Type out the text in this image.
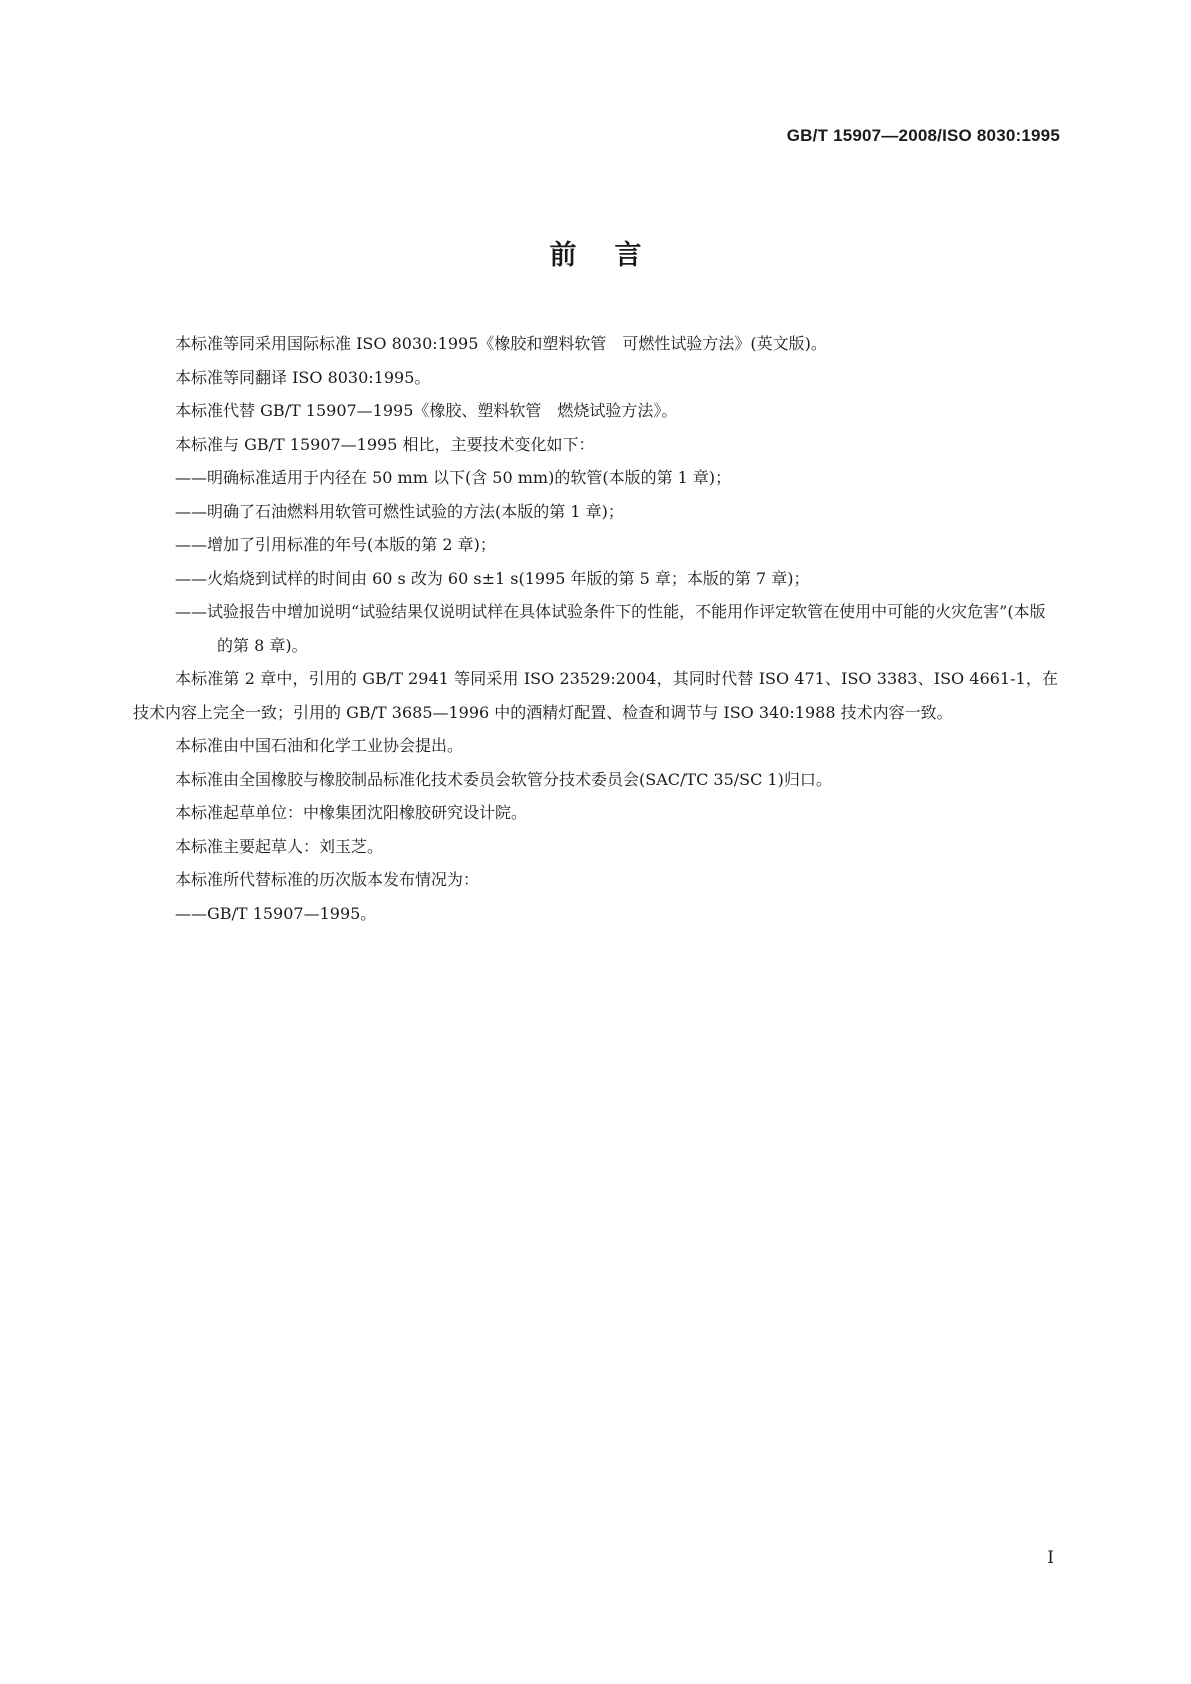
GB/T 15907—2008/ISO 8030:1995
前言

本标准等同采用国际标准 ISO 8030:1995《橡胶和塑料软管　可燃性试验方法》(英文版)。

本标准等同翻译 ISO 8030:1995。

本标准代替 GB/T 15907—1995《橡胶、塑料软管　燃烧试验方法》。

本标准与 GB/T 15907—1995 相比，主要技术变化如下：

——明确标准适用于内径在 50 mm 以下(含 50 mm)的软管(本版的第 1 章)；

——明确了石油燃料用软管可燃性试验的方法(本版的第 1 章)；

——增加了引用标准的年号(本版的第 2 章)；

——火焰烧到试样的时间由 60 s 改为 60 s±1 s(1995 年版的第 5 章；本版的第 7 章)；

——试验报告中增加说明“试验结果仅说明试样在具体试验条件下的性能，不能用作评定软管在使用中可能的火灾危害”(本版的第 8 章)。

本标准第 2 章中，引用的 GB/T 2941 等同采用 ISO 23529:2004，其同时代替 ISO 471、ISO 3383、ISO 4661-1，在技术内容上完全一致；引用的 GB/T 3685—1996 中的酒精灯配置、检查和调节与 ISO 340:1988 技术内容一致。

本标准由中国石油和化学工业协会提出。

本标准由全国橡胶与橡胶制品标准化技术委员会软管分技术委员会(SAC/TC 35/SC 1)归口。

本标准起草单位：中橡集团沈阳橡胶研究设计院。

本标准主要起草人：刘玉芝。

本标准所代替标准的历次版本发布情况为：

——GB/T 15907—1995。

I
